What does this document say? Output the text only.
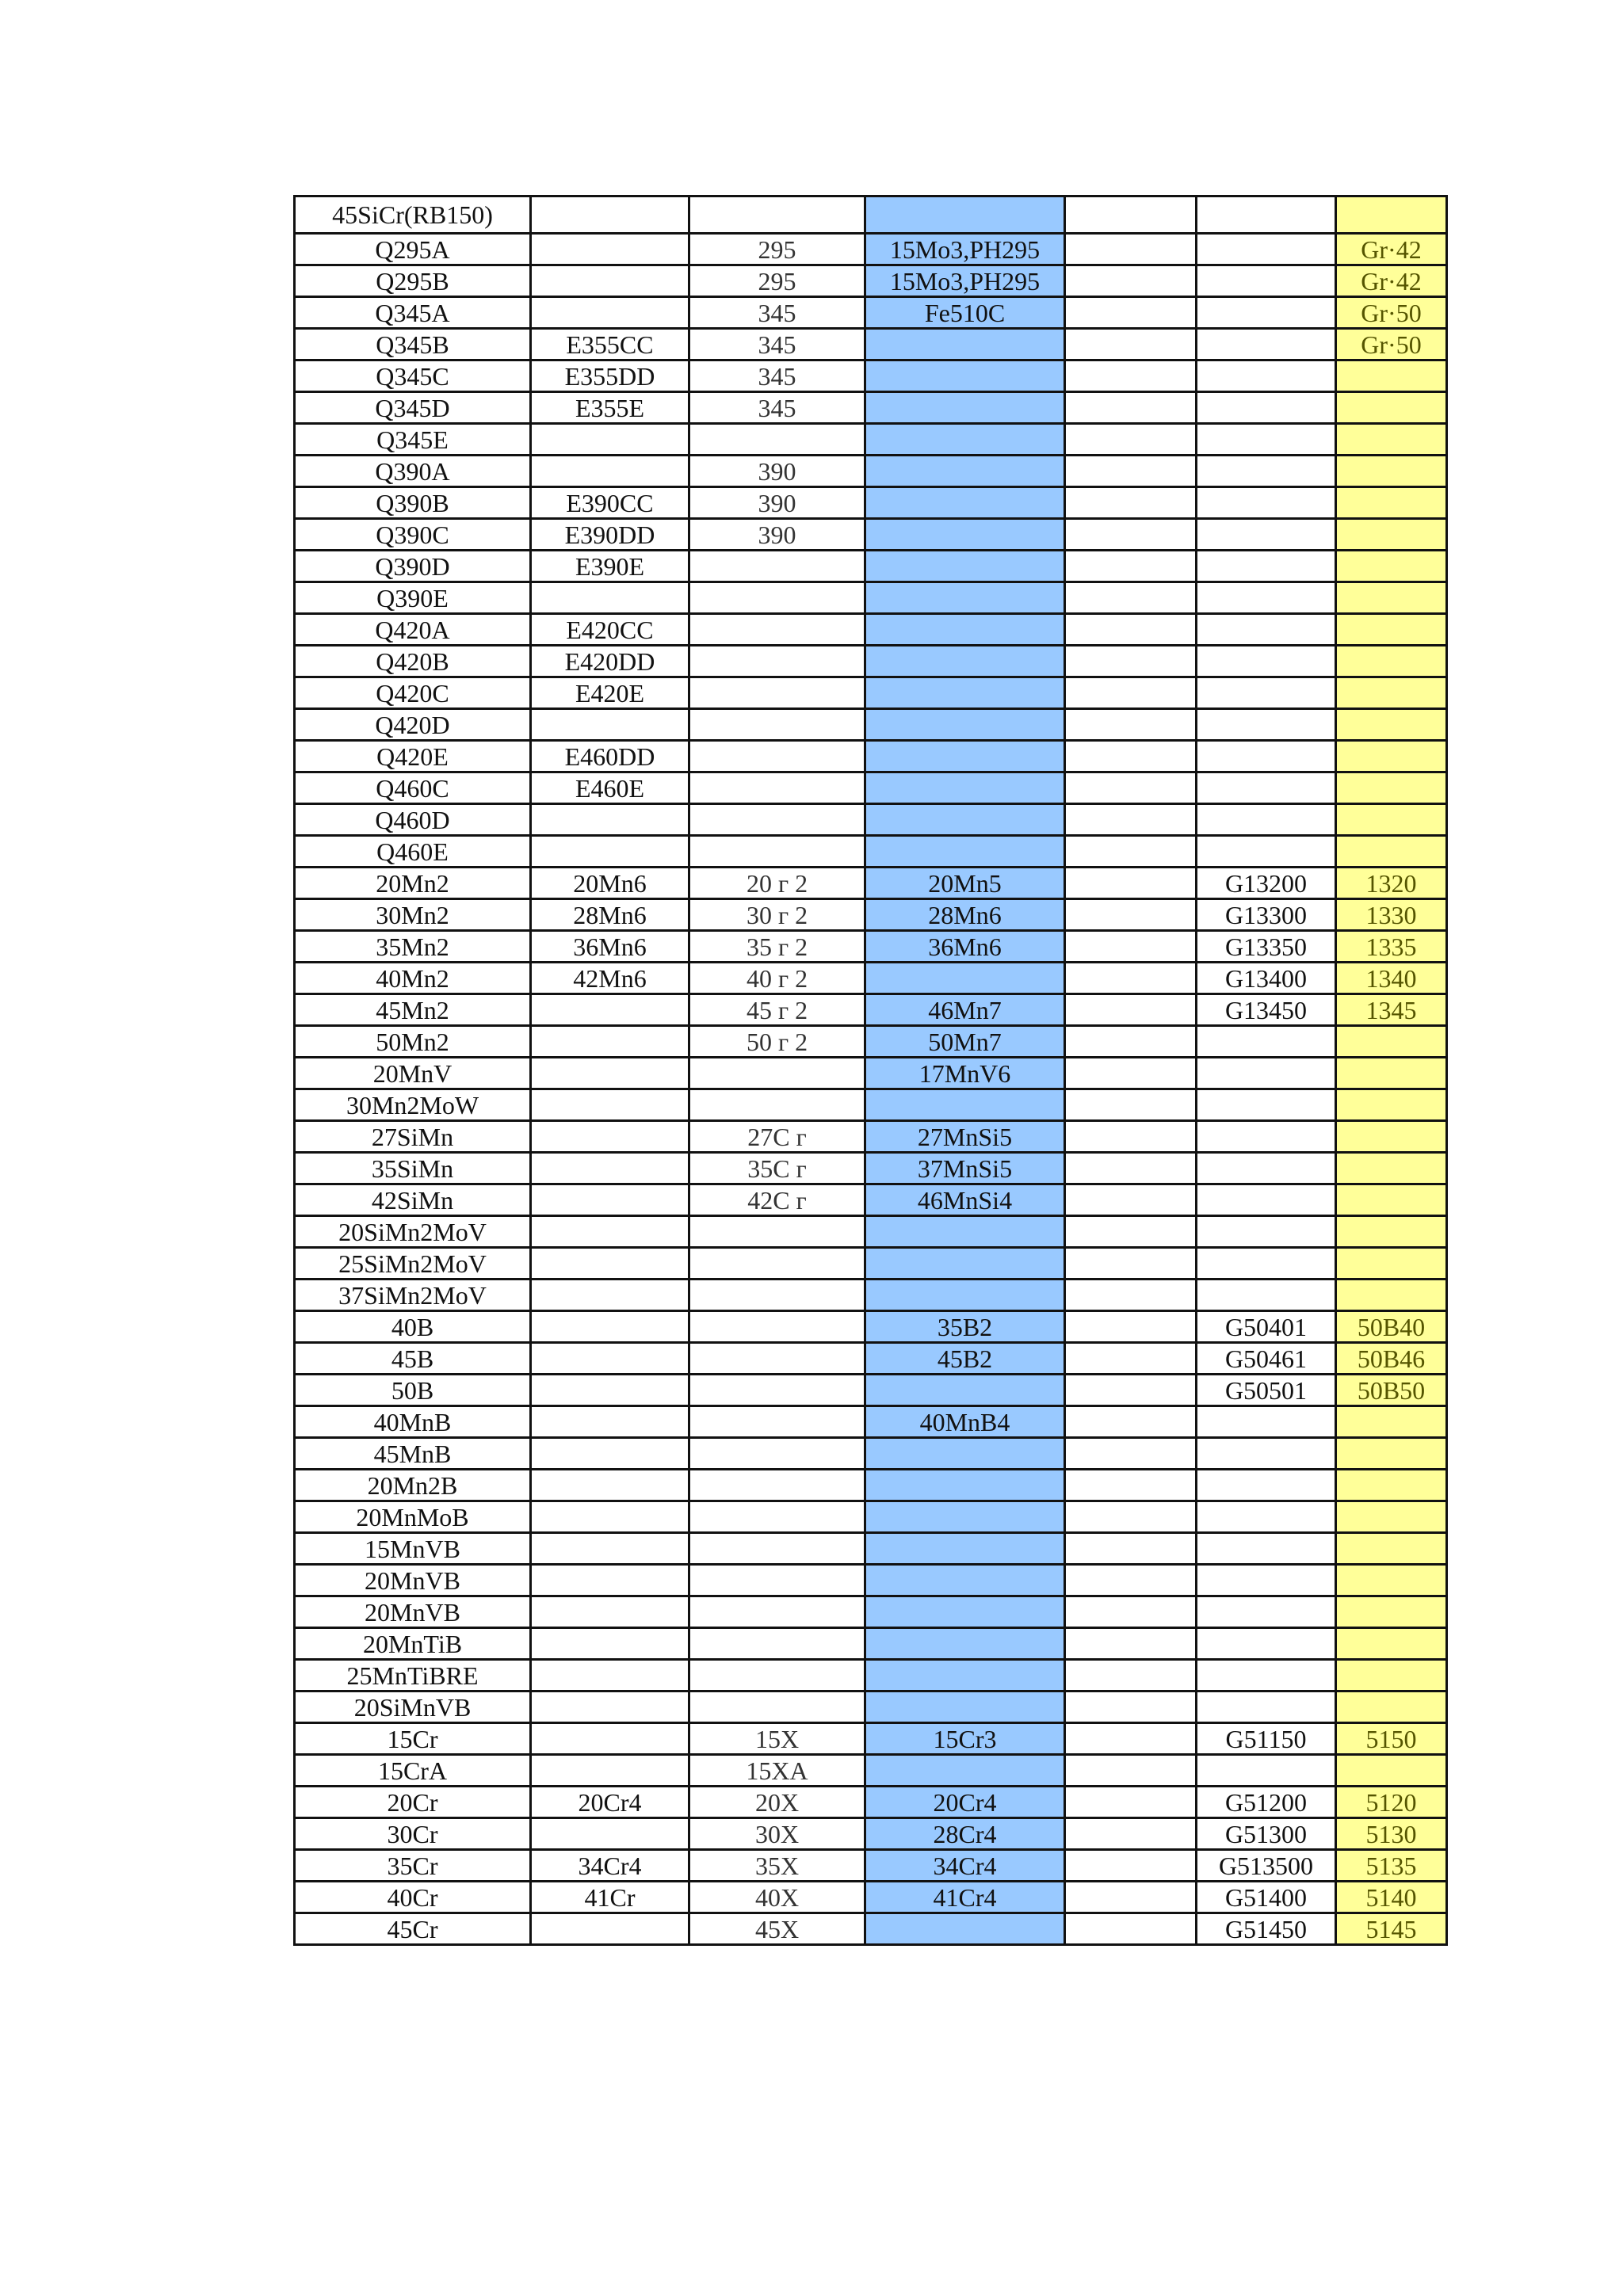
45SiCr(RB150)						
Q295A		295	15Mo3,PH295			Gr·42
Q295B		295	15Mo3,PH295			Gr·42
Q345A		345	Fe510C			Gr·50
Q345B	E355CC	345				Gr·50
Q345C	E355DD	345				
Q345D	E355E	345				
Q345E						
Q390A		390				
Q390B	E390CC	390				
Q390C	E390DD	390				
Q390D	E390E					
Q390E						
Q420A	E420CC					
Q420B	E420DD					
Q420C	E420E					
Q420D						
Q420E	E460DD					
Q460C	E460E					
Q460D						
Q460E						
20Mn2	20Mn6	20 г 2	20Mn5		G13200	1320
30Mn2	28Mn6	30 г 2	28Mn6		G13300	1330
35Mn2	36Mn6	35 г 2	36Mn6		G13350	1335
40Mn2	42Mn6	40 г 2			G13400	1340
45Mn2		45 г 2	46Mn7		G13450	1345
50Mn2		50 г 2	50Mn7			
20MnV			17MnV6			
30Mn2MoW						
27SiMn		27C г	27MnSi5			
35SiMn		35C г	37MnSi5			
42SiMn		42C г	46MnSi4			
20SiMn2MoV						
25SiMn2MoV						
37SiMn2MoV						
40B			35B2		G50401	50B40
45B			45B2		G50461	50B46
50B					G50501	50B50
40MnB			40MnB4			
45MnB						
20Mn2B						
20MnMoB						
15MnVB						
20MnVB						
20MnVB						
20MnTiB						
25MnTiBRE						
20SiMnVB						
15Cr		15X	15Cr3		G51150	5150
15CrA		15XA				
20Cr	20Cr4	20X	20Cr4		G51200	5120
30Cr		30X	28Cr4		G51300	5130
35Cr	34Cr4	35X	34Cr4		G513500	5135
40Cr	41Cr	40X	41Cr4		G51400	5140
45Cr		45X			G51450	5145
